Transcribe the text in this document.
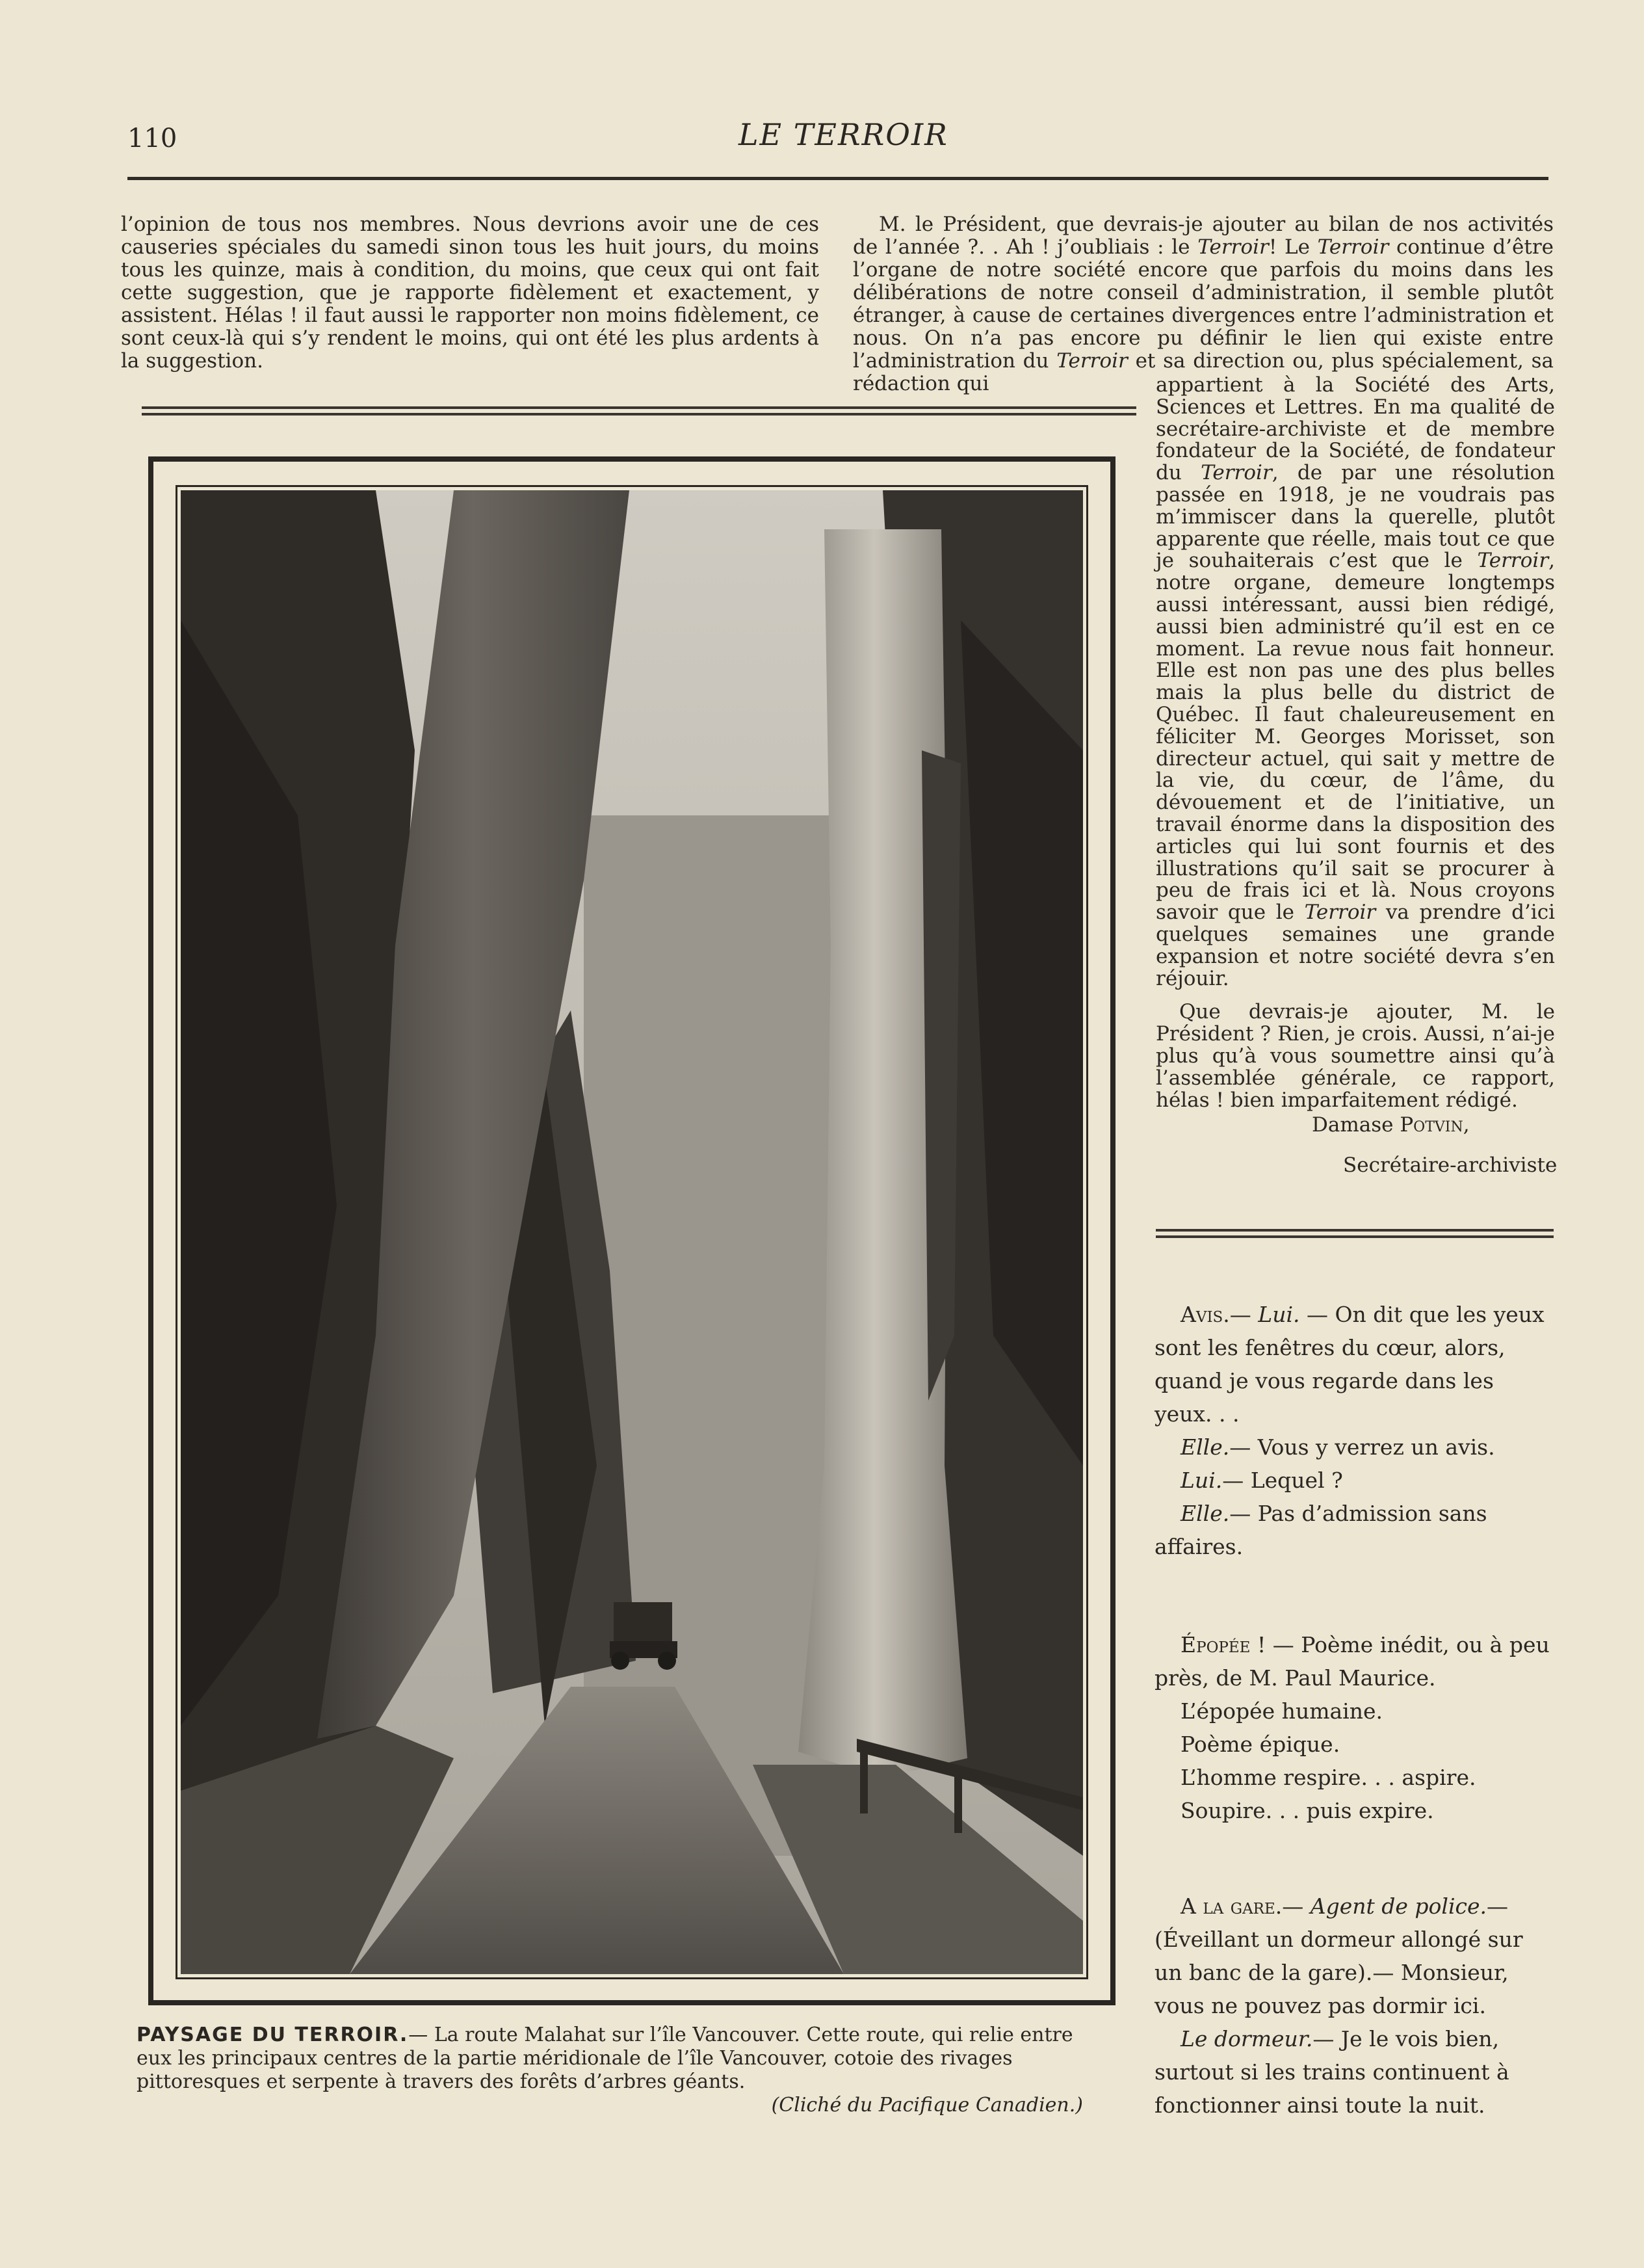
110	LE TERROIR

l’opinion de tous nos membres. Nous devrions avoir une de ces causeries spéciales du samedi sinon tous les huit jours, du moins tous les quinze, mais à condition, du moins, que ceux qui ont fait cette suggestion, que je rapporte fidèlement et exactement, y assistent. Hélas ! il faut aussi le rapporter non moins fidèlement, ce sont ceux-là qui s’y rendent le moins, qui ont été les plus ardents à la suggestion.

M. le Président, que devrais-je ajouter au bilan de nos activités de l’année ?. . Ah ! j’oubliais : le Terroir! Le Terroir continue d’être l’organe de notre société encore que parfois du moins dans les délibérations de notre conseil d’administration, il semble plutôt étranger, à cause de certaines divergences entre l’administration et nous. On n’a pas encore pu définir le lien qui existe entre l’administration du Terroir et sa direction ou, plus spécialement, sa rédaction qui	appartient à la Société des Arts, Sciences et Lettres. En ma qualité de secrétaire-archiviste et de membre fondateur de la Société, de fondateur du Terroir, de par une résolution passée en 1918, je ne voudrais pas m’immiscer dans la querelle, plutôt apparente que réelle, mais tout ce que je souhaiterais c’est que le Terroir, notre organe, demeure longtemps aussi intéressant, aussi bien rédigé, aussi bien administré qu’il est en ce moment. La revue nous fait honneur. Elle est non pas une des plus belles mais la plus belle du district de Québec. Il faut chaleureusement en féliciter M. Georges Morisset, son directeur actuel, qui sait y mettre de la vie, du cœur, de l’âme, du dévouement et de l’initiative, un travail énorme dans la disposition des articles qui lui sont fournis et des illustrations qu’il sait se procurer à peu de frais ici et là. Nous croyons savoir que le Terroir va prendre d’ici quelques semaines une grande expansion et notre société devra s’en réjouir.

Que devrais-je ajouter, M. le Président ? Rien, je crois. Aussi, n’ai-je plus qu’à vous soumettre ainsi qu’à l’assemblée générale, ce rapport, hélas ! bien imparfaitement rédigé.

Damase Potvin,
Secrétaire-archiviste
PAYSAGE DU TERROIR.— La route Malahat sur l’île Vancouver. Cette route, qui relie entre eux les principaux centres de la partie méridionale de l’île Vancouver, cotoie des rivages pittoresques et serpente à travers des forêts d’arbres géants.
(Cliché du Pacifique Canadien.)

Avis.— Lui. — On dit que les yeux sont les fenêtres du cœur, alors, quand je vous regarde dans les yeux. . .

Elle.— Vous y verrez un avis.

Lui.— Lequel ?

Elle.— Pas d’admission sans affaires.

Épopée ! — Poème inédit, ou à peu près, de M. Paul Maurice.

L’épopée humaine.

Poème épique.

L’homme respire. . . aspire.

Soupire. . . puis expire.

A la gare.— Agent de police.— (Éveillant un dormeur allongé sur un banc de la gare).— Monsieur, vous ne pouvez pas dormir ici.

Le dormeur.— Je le vois bien, surtout si les trains continuent à fonctionner ainsi toute la nuit.
